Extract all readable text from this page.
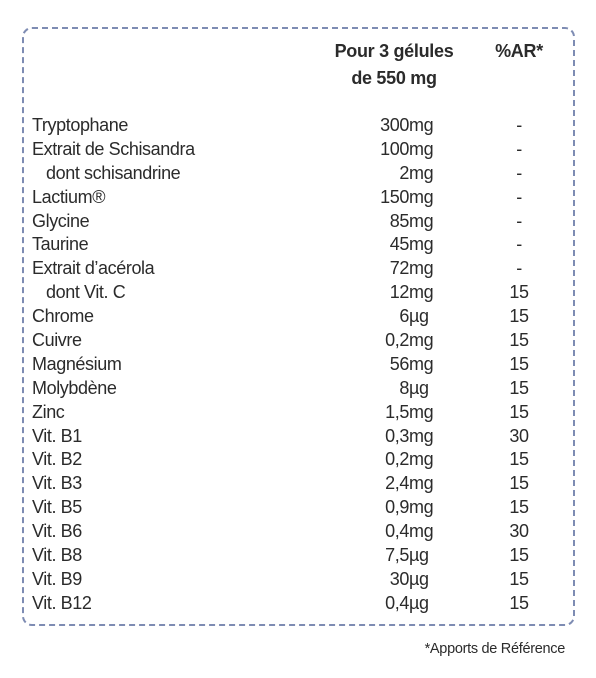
Pour 3 gélules
de 550 mg
%AR*
Tryptophane	300 mg	-
Extrait de Schisandra	100 mg	-
dont schisandrine	2 mg	-
Lactium®	150 mg	-
Glycine	85 mg	-
Taurine	45 mg	-
Extrait d’acérola	72 mg	-
dont Vit. C	12 mg	15
Chrome	6 µg	15
Cuivre	0,2 mg	15
Magnésium	56 mg	15
Molybdène	8 µg	15
Zinc	1,5 mg	15
Vit. B1	0,3 mg	30
Vit. B2	0,2 mg	15
Vit. B3	2,4 mg	15
Vit. B5	0,9 mg	15
Vit. B6	0,4 mg	30
Vit. B8	7,5 µg	15
Vit. B9	30 µg	15
Vit. B12	0,4 µg	15
*Apports de Référence
